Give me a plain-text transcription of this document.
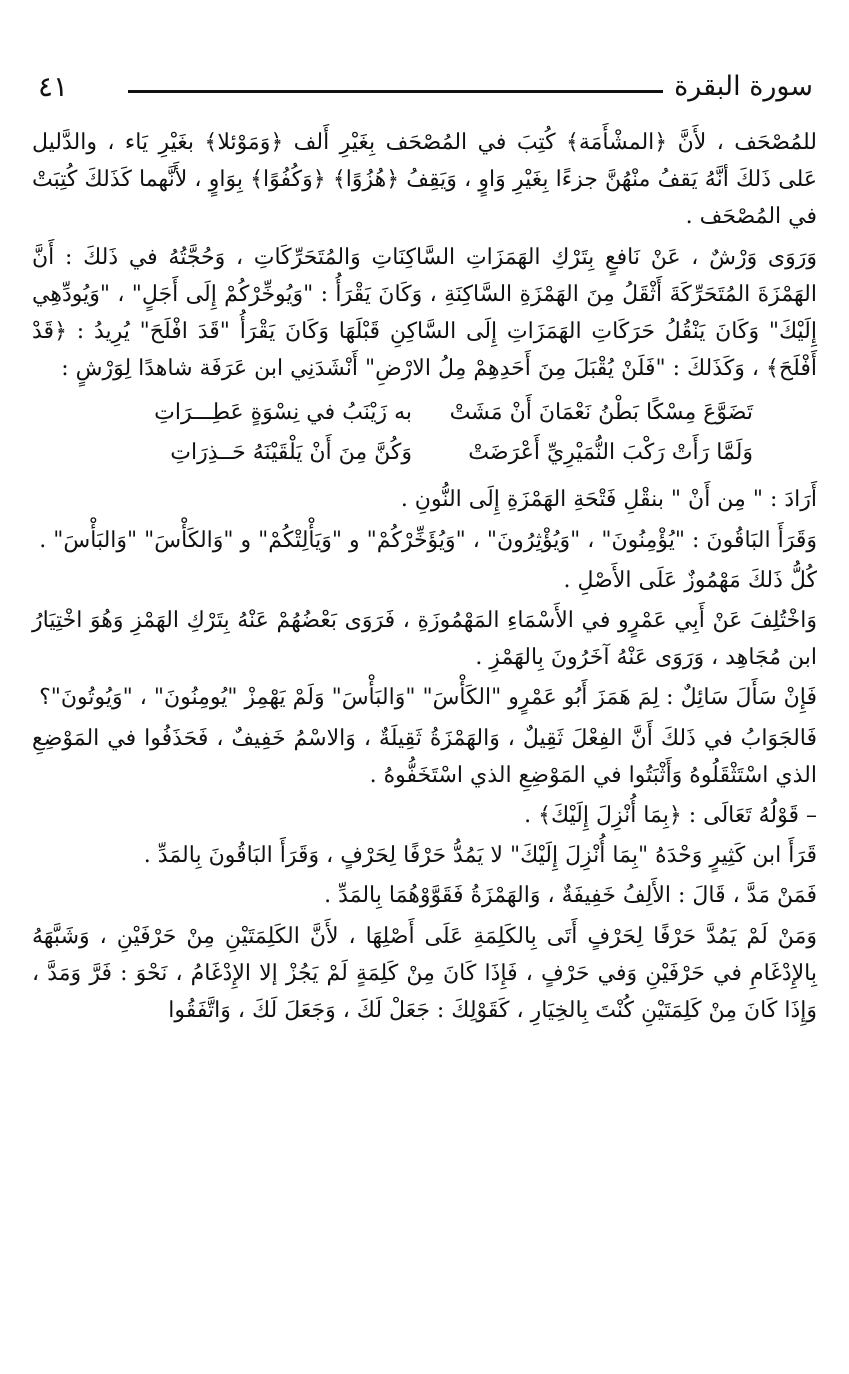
٤١	سورة البقرة

للمُصْحَف ، لأَنَّ ﴿المشْأَمَة﴾ كُتِبَ في المُصْحَف بِغَيْرِ أَلف ﴿وَمَوْئلا﴾ بغَيْرِ يَاء ، والدَّليل عَلى ذَلكَ أنَّهُ يَقفُ منْهُنَّ جزءًا بِغَيْرِ وَاوٍ ، وَيَقِفُ ﴿هُزُوًا﴾ ﴿وَكُفُوًا﴾ بِوَاوٍ ، لأَنَّهما كَذَلكَ كُتِبَتْ في المُصْحَف .

وَرَوَى وَرْشٌ ، عَنْ نَافعٍ بِتَرْكِ الهَمَزَاتِ السَّاكِنَاتِ وَالمُتَحَرِّكَاتِ ، وَحُجَّتُهُ في ذَلكَ : أَنَّ الهَمْزَةَ المُتَحَرِّكَةَ أَثْقَلُ مِنَ الهَمْزَةِ السَّاكِنَةِ ، وَكَانَ يَقْرَأُ : "وَيُوخِّرْكُمْ إِلَى أَجَلٍ" ، "وَيُودِّهِي إِلَيْكَ" وَكَانَ يَنْقُلُ حَرَكَاتِ الهَمَزَاتِ إِلَى السَّاكِنِ قَبْلَهَا وَكَانَ يَقْرَأُ "قَدَ افْلَحَ" يُرِيدُ : ﴿قَدْ أَفْلَحَ﴾ ، وَكَذَلكَ : "فَلَنْ يُقْبَلَ مِنَ أَحَدِهِمْ مِلُ الارْضِ" أَنْشَدَنِي ابن عَرَفَة شاهدًا لِوَرْشٍ :

تَضَوَّعَ مِسْكًا بَطْنُ نَعْمَانَ أَنْ مَشَتْ
به زَيْنَبُ في نِسْوَةٍ عَطِـــرَاتِ
وَلَمَّا رَأَتْ رَكْبَ النُّمَيْرِيِّ أَعْرَضَتْ
وَكُنَّ مِنَ أَنْ يَلْقَيْنَهُ حَــذِرَاتِ

أَرَادَ : " مِن أَنْ " بنقْلِ فَتْحَةِ الهَمْزَةِ إِلَى النُّونِ .

وَقَرَأَ البَاقُونَ : "يُؤْمِنُونَ" ، "وَيُؤْثِرُونَ" ، "وَيُؤَخِّرْكُمْ" و "وَيَأْلِتْكُمْ" و "وَالكَأْسَ" "وَالبَأْسَ" .

كُلُّ ذَلكَ مَهْمُوزٌ عَلَى الأَصْلِ .

وَاخْتُلِفَ عَنْ أَبِي عَمْرٍو في الأَسْمَاءِ المَهْمُوزَةِ ، فَرَوَى بَعْضُهُمْ عَنْهُ بِتَرْكِ الهَمْزِ وَهُوَ اخْتِيَارُ ابن مُجَاهِد ، وَرَوَى عَنْهُ آخَرُونَ بِالهَمْزِ .

فَإِنْ سَأَلَ سَائِلٌ : لِمَ هَمَزَ أَبُو عَمْرٍو "الكَأْسَ" "وَالبَأْسَ" وَلَمْ يَهْمِزْ "يُومِنُونَ" ، "وَيُوتُونَ"؟

فَالجَوَابُ في ذَلكَ أَنَّ الفِعْلَ ثَقِيلٌ ، وَالهَمْزَةُ ثَقِيلَةٌ ، وَالاسْمُ خَفِيفٌ ، فَحَذَفُوا في المَوْضِعِ الذي اسْتَثْقَلُوهُ وَأَثْبَتُوا في المَوْضِعِ الذي اسْتَخَفُّوهُ .

– قَوْلُهُ تَعَالَى : ﴿بِمَا أُنْزِلَ إِلَيْكَ﴾ .

قَرَأَ ابن كَثِيرٍ وَحْدَهُ "بِمَا أُنْزِلَ إِلَيْكَ" لا يَمُدُّ حَرْفًا لِحَرْفٍ ، وَقَرَأَ البَاقُونَ بِالمَدِّ .

فَمَنْ مَدَّ ، قَالَ : الأَلِفُ خَفِيفَةٌ ، وَالهَمْزَةُ فَقَوَّوْهُمَا بِالمَدِّ .

وَمَنْ لَمْ يَمُدَّ حَرْفًا لِحَرْفٍ أَتَى بِالكَلِمَةِ عَلَى أَصْلِهَا ، لأَنَّ الكَلِمَتَيْنِ مِنْ حَرْفَيْنِ ، وَشَبَّهَهُ بِالإِدْغَامِ في حَرْفَيْنِ وَفي حَرْفٍ ، فَإِذَا كَانَ مِنْ كَلِمَةٍ لَمْ يَجُزْ إلا الإِدْغَامُ ، نَحْوَ : فَرَّ وَمَدَّ ، وَإِذَا كَانَ مِنْ كَلِمَتَيْنِ كُنْتَ بِالخِيَارِ ، كَقَوْلِكَ : جَعَلْ لَكَ ، وَجَعَلَ لَكَ ، وَاتَّفَقُوا
